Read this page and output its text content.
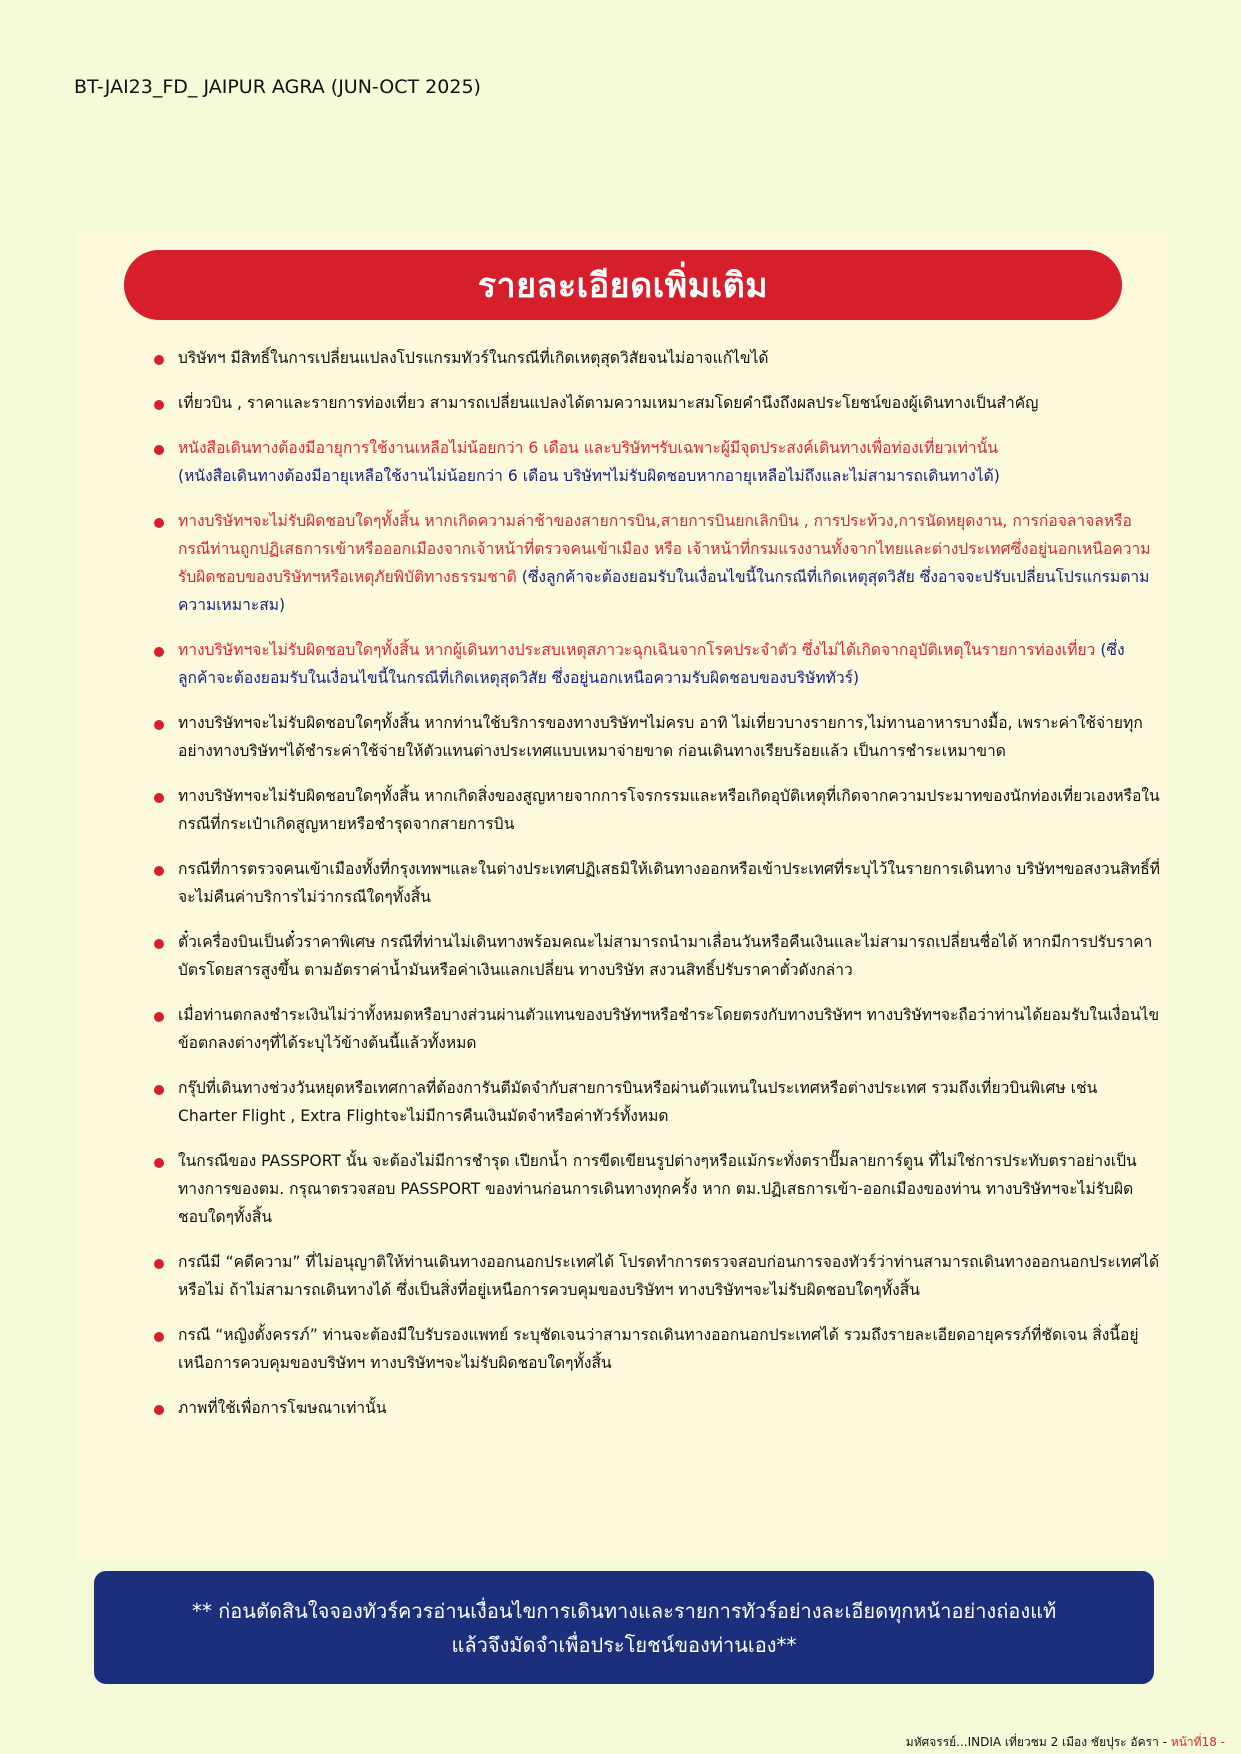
BT-JAI23_FD_ JAIPUR AGRA (JUN-OCT 2025)
รายละเอียดเพิ่มเติม
บริษัทฯ มีสิทธิ์ในการเปลี่ยนแปลงโปรแกรมทัวร์ในกรณีที่เกิดเหตุสุดวิสัยจนไม่อาจแก้ไขได้
เที่ยวบิน , ราคาและรายการท่องเที่ยว สามารถเปลี่ยนแปลงได้ตามความเหมาะสมโดยคำนึงถึงผลประโยชน์ของผู้เดินทางเป็นสำคัญ
หนังสือเดินทางต้องมีอายุการใช้งานเหลือไม่น้อยกว่า 6 เดือน และบริษัทฯรับเฉพาะผู้มีจุดประสงค์เดินทางเพื่อท่องเที่ยวเท่านั้น
(หนังสือเดินทางต้องมีอายุเหลือใช้งานไม่น้อยกว่า 6 เดือน บริษัทฯไม่รับผิดชอบหากอายุเหลือไม่ถึงและไม่สามารถเดินทางได้)
ทางบริษัทฯจะไม่รับผิดชอบใดๆทั้งสิ้น หากเกิดความล่าช้าของสายการบิน,สายการบินยกเลิกบิน , การประท้วง,การนัดหยุดงาน, การก่อจลาจลหรือกรณีท่านถูกปฏิเสธการเข้าหรือออกเมืองจากเจ้าหน้าที่ตรวจคนเข้าเมือง หรือ เจ้าหน้าที่กรมแรงงานทั้งจากไทยและต่างประเทศซึ่งอยู่นอกเหนือความรับผิดชอบของบริษัทฯหรือเหตุภัยพิบัติทางธรรมชาติ (ซึ่งลูกค้าจะต้องยอมรับในเงื่อนไขนี้ในกรณีที่เกิดเหตุสุดวิสัย ซึ่งอาจจะปรับเปลี่ยนโปรแกรมตามความเหมาะสม)
ทางบริษัทฯจะไม่รับผิดชอบใดๆทั้งสิ้น หากผู้เดินทางประสบเหตุสภาวะฉุกเฉินจากโรคประจำตัว ซึ่งไม่ได้เกิดจากอุบัติเหตุในรายการท่องเที่ยว (ซึ่งลูกค้าจะต้องยอมรับในเงื่อนไขนี้ในกรณีที่เกิดเหตุสุดวิสัย ซึ่งอยู่นอกเหนือความรับผิดชอบของบริษัททัวร์)
ทางบริษัทฯจะไม่รับผิดชอบใดๆทั้งสิ้น หากท่านใช้บริการของทางบริษัทฯไม่ครบ อาทิ ไม่เที่ยวบางรายการ,ไม่ทานอาหารบางมื้อ, เพราะค่าใช้จ่ายทุกอย่างทางบริษัทฯได้ชำระค่าใช้จ่ายให้ตัวแทนต่างประเทศแบบเหมาจ่ายขาด ก่อนเดินทางเรียบร้อยแล้ว เป็นการชำระเหมาขาด
ทางบริษัทฯจะไม่รับผิดชอบใดๆทั้งสิ้น หากเกิดสิ่งของสูญหายจากการโจรกรรมและหรือเกิดอุบัติเหตุที่เกิดจากความประมาทของนักท่องเที่ยวเองหรือในกรณีที่กระเป๋าเกิดสูญหายหรือชำรุดจากสายการบิน
กรณีที่การตรวจคนเข้าเมืองทั้งที่กรุงเทพฯและในต่างประเทศปฏิเสธมิให้เดินทางออกหรือเข้าประเทศที่ระบุไว้ในรายการเดินทาง บริษัทฯขอสงวนสิทธิ์ที่จะไม่คืนค่าบริการไม่ว่ากรณีใดๆทั้งสิ้น
ตั๋วเครื่องบินเป็นตั๋วราคาพิเศษ กรณีที่ท่านไม่เดินทางพร้อมคณะไม่สามารถนำมาเลื่อนวันหรือคืนเงินและไม่สามารถเปลี่ยนชื่อได้ หากมีการปรับราคาบัตรโดยสารสูงขึ้น ตามอัตราค่าน้ำมันหรือค่าเงินแลกเปลี่ยน ทางบริษัท สงวนสิทธิ์ปรับราคาตั๋วดังกล่าว
เมื่อท่านตกลงชำระเงินไม่ว่าทั้งหมดหรือบางส่วนผ่านตัวแทนของบริษัทฯหรือชำระโดยตรงกับทางบริษัทฯ ทางบริษัทฯจะถือว่าท่านได้ยอมรับในเงื่อนไขข้อตกลงต่างๆที่ได้ระบุไว้ข้างต้นนี้แล้วทั้งหมด
กรุ๊ปที่เดินทางช่วงวันหยุดหรือเทศกาลที่ต้องการันตีมัดจำกับสายการบินหรือผ่านตัวแทนในประเทศหรือต่างประเทศ รวมถึงเที่ยวบินพิเศษ เช่น Charter Flight , Extra Flightจะไม่มีการคืนเงินมัดจำหรือค่าทัวร์ทั้งหมด
ในกรณีของ PASSPORT นั้น จะต้องไม่มีการชำรุด เปียกน้ำ การขีดเขียนรูปต่างๆหรือแม้กระทั่งตราปั๊มลายการ์ตูน ที่ไม่ใช่การประทับตราอย่างเป็นทางการของตม. กรุณาตรวจสอบ PASSPORT ของท่านก่อนการเดินทางทุกครั้ง หาก ตม.ปฏิเสธการเข้า-ออกเมืองของท่าน ทางบริษัทฯจะไม่รับผิดชอบใดๆทั้งสิ้น
กรณีมี “คดีความ” ที่ไม่อนุญาติให้ท่านเดินทางออกนอกประเทศได้ โปรดทำการตรวจสอบก่อนการจองทัวร์ว่าท่านสามารถเดินทางออกนอกประเทศได้หรือไม่ ถ้าไม่สามารถเดินทางได้ ซึ่งเป็นสิ่งที่อยู่เหนือการควบคุมของบริษัทฯ ทางบริษัทฯจะไม่รับผิดชอบใดๆทั้งสิ้น
กรณี “หญิงตั้งครรภ์” ท่านจะต้องมีใบรับรองแพทย์ ระบุชัดเจนว่าสามารถเดินทางออกนอกประเทศได้ รวมถึงรายละเอียดอายุครรภ์ที่ชัดเจน สิ่งนี้อยู่เหนือการควบคุมของบริษัทฯ ทางบริษัทฯจะไม่รับผิดชอบใดๆทั้งสิ้น
ภาพที่ใช้เพื่อการโฆษณาเท่านั้น
** ก่อนตัดสินใจจองทัวร์ควรอ่านเงื่อนไขการเดินทางและรายการทัวร์อย่างละเอียดทุกหน้าอย่างถ่องแท้
แล้วจึงมัดจำเพื่อประโยชน์ของท่านเอง**
มหัศจรรย์...INDIA เที่ยวชม 2 เมือง ชัยปุระ อัครา - หน้าที่18 -
